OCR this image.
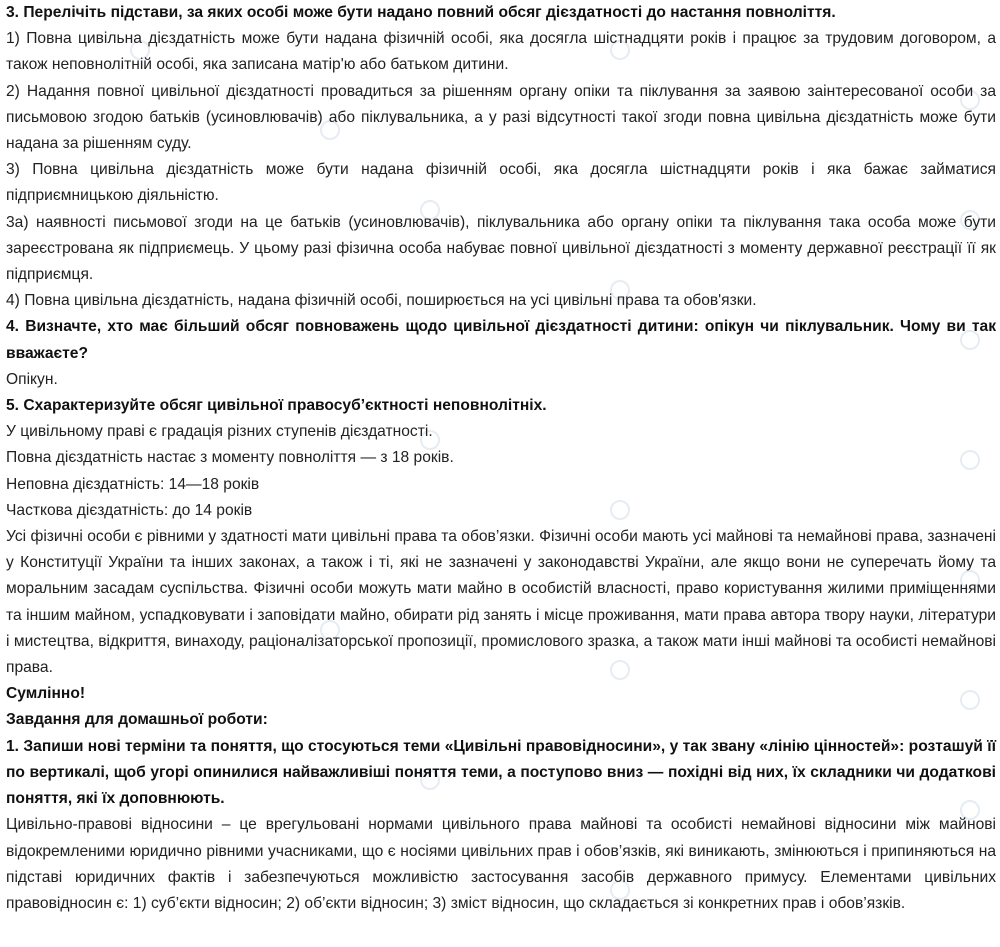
3. Перелічіть підстави, за яких особі може бути надано повний обсяг дієздатності до настання повноліття.

1) Повна цивільна дієздатність може бути надана фізичній особі, яка досягла шістнадцяти років і працює за трудовим договором, а також неповнолітній особі, яка записана матір'ю або батьком дитини.

2) Надання повної цивільної дієздатності провадиться за рішенням органу опіки та піклування за заявою заінтересованої особи за письмовою згодою батьків (усиновлювачів) або піклувальника, а у разі відсутності такої згоди повна цивільна дієздатність може бути надана за рішенням суду.

3) Повна цивільна дієздатність може бути надана фізичній особі, яка досягла шістнадцяти років і яка бажає займатися підприємницькою діяльністю.

3а) наявності письмової згоди на це батьків (усиновлювачів), піклувальника або органу опіки та піклування така особа може бути зареєстрована як підприємець. У цьому разі фізична особа набуває повної цивільної дієздатності з моменту державної реєстрації її як підприємця.

4) Повна цивільна дієздатність, надана фізичній особі, поширюється на усі цивільні права та обов'язки.

4. Визначте, хто має більший обсяг повноважень щодо цивільної дієздатності дитини: опікун чи піклувальник. Чому ви так вважаєте?

Опікун.

5. Схарактеризуйте обсяг цивільної правосуб’єктності неповнолітніх.

У цивільному праві є градація різних ступенів дієздатності.

Повна дієздатність настає з моменту повноліття — з 18 років.

Неповна дієздатність: 14—18 років

Часткова дієздатність: до 14 років

Усі фізичні особи є рівними у здатності мати цивільні права та обов’язки. Фізичні особи мають усі майнові та немайнові права, зазначені у Конституції України та інших законах, а також і ті, які не зазначені у законодавстві України, але якщо вони не суперечать йому та моральним засадам суспільства. Фізичні особи можуть мати майно в особистій власності, право користування жилими приміщеннями та іншим майном, успадковувати і заповідати майно, обирати рід занять і місце проживання, мати права автора твору науки, літератури і мистецтва, відкриття, винаходу, раціоналізаторської пропозиції, промислового зразка, а також мати інші майнові та особисті немайнові права.

Сумлінно!

Завдання для домашньої роботи:

1. Запиши нові терміни та поняття, що стосуються теми «Цивільні правовідносини», у так звану «лінію цінностей»: розташуй її по вертикалі, щоб угорі опинилися найважливіші поняття теми, а поступово вниз — похідні від них, їх складники чи додаткові поняття, які їх доповнюють.

Цивільно-правові відносини – це врегульовані нормами цивільного права майнові та особисті немайнові відносини між майнові відокремленими юридично рівними учасниками, що є носіями цивільних прав і обов’язків, які виникають, змінюються і припиняються на підставі юридичних фактів і забезпечуються можливістю застосування засобів державного примусу. Елементами цивільних правовідносин є: 1) суб’єкти відносин; 2) об’єкти відносин; 3) зміст відносин, що складається зі конкретних прав і обов’язків.
